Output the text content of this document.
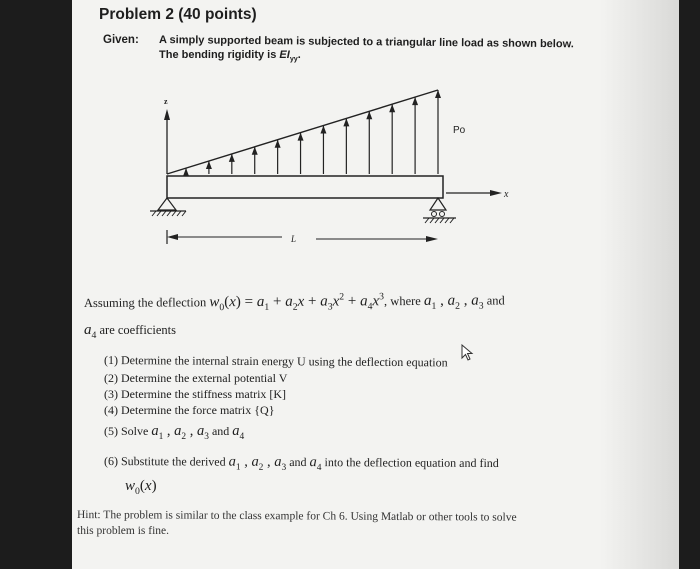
Problem 2 (40 points)
Given: A simply supported beam is subjected to a triangular line load as shown below.
The bending rigidity is $EI_{yy}$.
z
Po
x
L
Assuming the deflection $w_0(x) = a_1 + a_2x + a_3x^2 + a_4x^3$, where $a_1$ , $a_2$ , $a_3$ and
$a_4$ are coefficients
(1) Determine the internal strain energy U using the deflection equation
(2) Determine the external potential V
(3) Determine the stiffness matrix [K]
(4) Determine the force matrix {Q}
(5) Solve $a_1$ , $a_2$ , $a_3$ and $a_4$
(6) Substitute the derived $a_1$ , $a_2$ , $a_3$ and $a_4$ into the deflection equation and find
$w_0(x)$
Hint: The problem is similar to the class example for Ch 6. Using Matlab or other tools to solve
this problem is fine.
